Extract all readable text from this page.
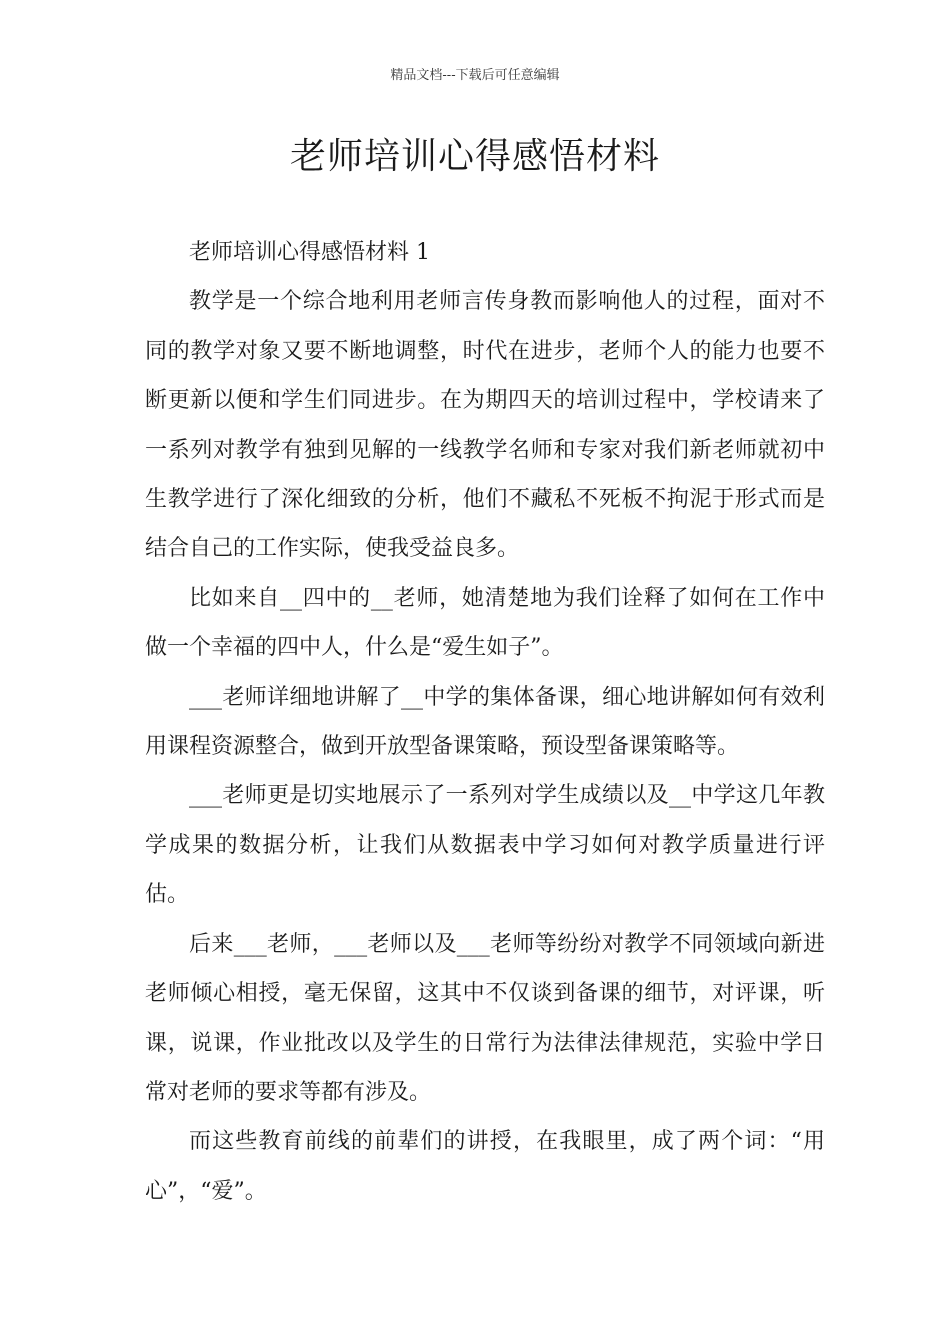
精品文档---下载后可任意编辑
老师培训心得感悟材料

老师培训心得感悟材料 1

教学是一个综合地利用老师言传身教而影响他人的过程，面对不同的教学对象又要不断地调整，时代在进步，老师个人的能力也要不断更新以便和学生们同进步。在为期四天的培训过程中，学校请来了一系列对教学有独到见解的一线教学名师和专家对我们新老师就初中生教学进行了深化细致的分析，他们不藏私不死板不拘泥于形式而是结合自己的工作实际，使我受益良多。

比如来自__四中的__老师，她清楚地为我们诠释了如何在工作中做一个幸福的四中人，什么是“爱生如子”。

___老师详细地讲解了__中学的集体备课，细心地讲解如何有效利用课程资源整合，做到开放型备课策略，预设型备课策略等。

___老师更是切实地展示了一系列对学生成绩以及__中学这几年教学成果的数据分析，让我们从数据表中学习如何对教学质量进行评估。

后来___老师，___老师以及___老师等纷纷对教学不同领域向新进老师倾心相授，毫无保留，这其中不仅谈到备课的细节，对评课，听课，说课，作业批改以及学生的日常行为法律法律规范，实验中学日常对老师的要求等都有涉及。

而这些教育前线的前辈们的讲授，在我眼里，成了两个词：“用心”，“爱”。
